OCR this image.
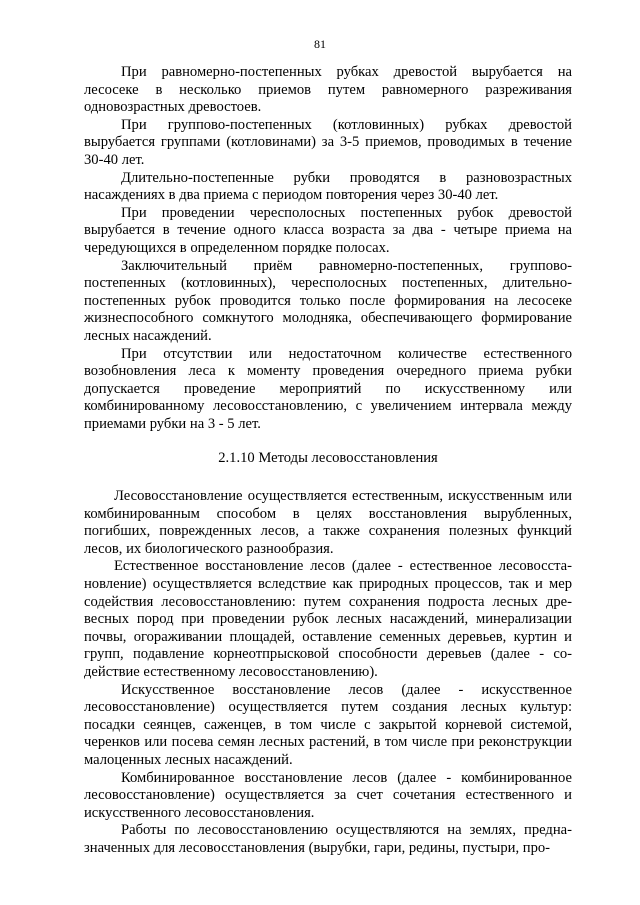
81

При равномерно-постепенных рубках древостой вырубается на лесосеке в несколько приемов путем равномерного разреживания одновозрастных древостоев.

При группово-постепенных (котловинных) рубках древостой вырубается группами (котловинами) за 3-5 приемов, проводимых в течение 30-40 лет.

Длительно-постепенные рубки проводятся в разновозрастных насаждениях в два приема с периодом повторения через 30-40 лет.

При проведении чересполосных постепенных рубок древостой вырубается в течение одного класса возраста за два - четыре приема на чередующихся в определенном порядке полосах.

Заключительный приём равномерно-постепенных, группово-постепенных (котловинных), чересполосных постепенных, длительно-постепенных рубок проводится только после формирования на лесосеке жизнеспособного сомкнутого молодняка, обеспечивающего формирование лесных насаждений.

При отсутствии или недостаточном количестве естественного возобновления леса к моменту проведения очередного приема рубки допускается проведение мероприятий по искусственному или комбинированному лесовосстановлению, с увеличением интервала между приемами рубки на 3 - 5 лет.

2.1.10 Методы лесовосстановления

Лесовосстановление осуществляется естественным, искусственным или комбинированным способом в целях восстановления вырубленных, погибших, поврежденных лесов, а также сохранения полезных функций лесов, их биологического разнообразия.

Естественное восстановление лесов (далее - естественное лесовосста-новление) осуществляется вследствие как природных процессов, так и мер содействия лесовосстановлению: путем сохранения подроста лесных дре-весных пород при проведении рубок лесных насаждений, минерализации почвы, огораживании площадей, оставление семенных деревьев, куртин и групп, подавление корнеотпрысковой способности деревьев (далее - со-действие естественному лесовосстановлению).

Искусственное восстановление лесов (далее - искусственное лесовосстановление) осуществляется путем создания лесных культур: посадки сеянцев, саженцев, в том числе с закрытой корневой системой, черенков или посева семян лесных растений, в том числе при реконструкции малоценных лесных насаждений.

Комбинированное восстановление лесов (далее - комбинированное лесовосстановление) осуществляется за счет сочетания естественного и искусственного лесовосстановления.

Работы по лесовосстановлению осуществляются на землях, предна-значенных для лесовосстановления (вырубки, гари, редины, пустыри, про-
